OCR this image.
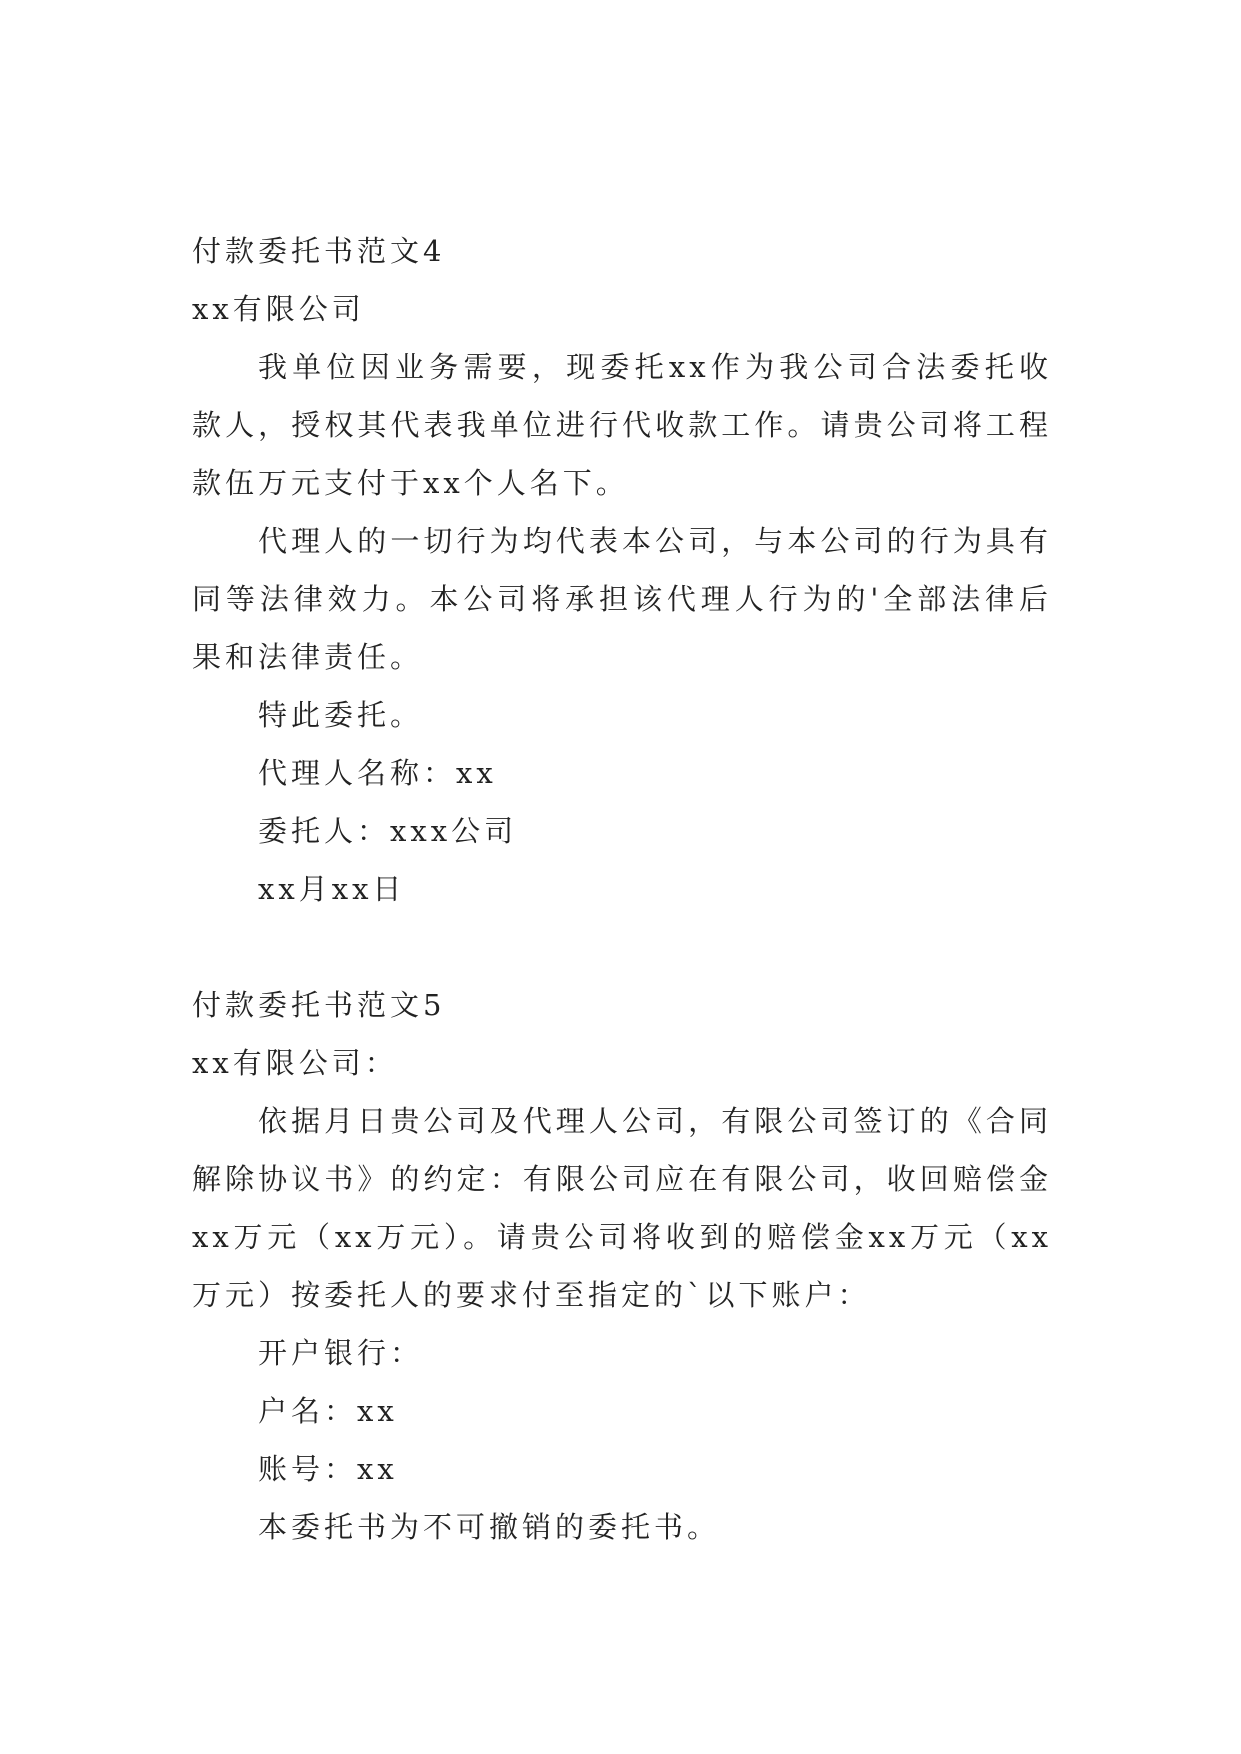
付款委托书范文4

xx有限公司

我单位因业务需要，现委托xx作为我公司合法委托收款人，授权其代表我单位进行代收款工作。请贵公司将工程款伍万元支付于xx个人名下。

代理人的一切行为均代表本公司，与本公司的行为具有同等法律效力。本公司将承担该代理人行为的'全部法律后果和法律责任。

特此委托。

代理人名称：xx

委托人：xxx公司

xx月xx日

付款委托书范文5

xx有限公司：

依据月日贵公司及代理人公司，有限公司签订的《合同解除协议书》的约定：有限公司应在有限公司，收回赔偿金xx万元（xx万元）。请贵公司将收到的赔偿金xx万元（xx万元）按委托人的要求付至指定的`以下账户：

开户银行：

户名：xx

账号：xx

本委托书为不可撤销的委托书。
